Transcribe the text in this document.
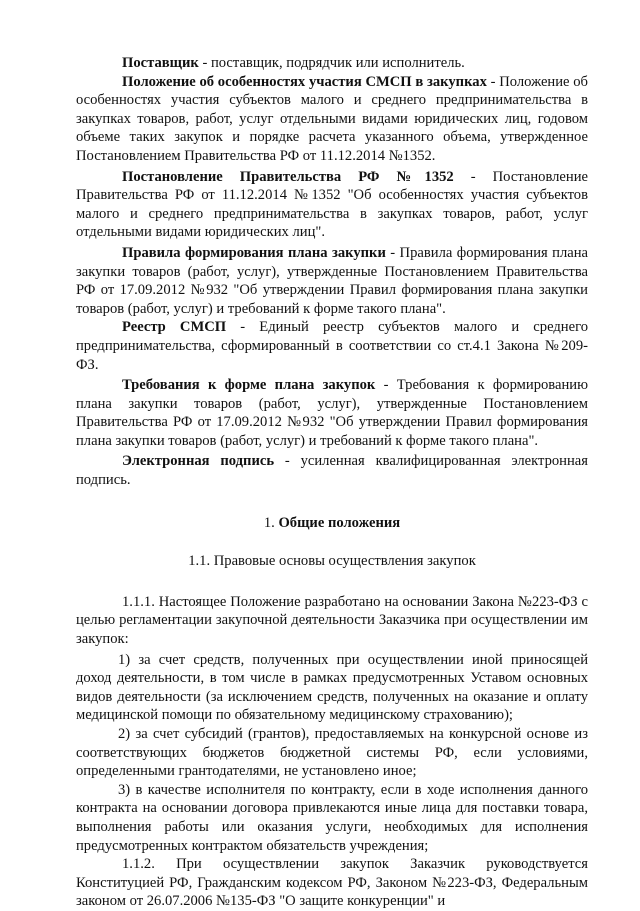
Поставщик - поставщик, подрядчик или исполнитель.

Положение об особенностях участия СМСП в закупках - Положение об особенностях участия субъектов малого и среднего предпринимательства в закупках товаров, работ, услуг отдельными видами юридических лиц, годовом объеме таких закупок и порядке расчета указанного объема, утвержденное Постановлением Правительства РФ от 11.12.2014 №1352.

Постановление Правительства РФ №1352 - Постановление Правительства РФ от 11.12.2014 №1352 "Об особенностях участия субъектов малого и среднего предпринимательства в закупках товаров, работ, услуг отдельными видами юридических лиц".

Правила формирования плана закупки - Правила формирования плана закупки товаров (работ, услуг), утвержденные Постановлением Правительства РФ от 17.09.2012 №932 "Об утверждении Правил формирования плана закупки товаров (работ, услуг) и требований к форме такого плана".

Реестр СМСП - Единый реестр субъектов малого и среднего предпринимательства, сформированный в соответствии со ст.4.1 Закона №209-ФЗ.

Требования к форме плана закупок - Требования к формированию плана закупки товаров (работ, услуг), утвержденные Постановлением Правительства РФ от 17.09.2012 №932 "Об утверждении Правил формирования плана закупки товаров (работ, услуг) и требований к форме такого плана".

Электронная подпись - усиленная квалифицированная электронная подпись.

1. Общие положения

1.1. Правовые основы осуществления закупок

1.1.1. Настоящее Положение разработано на основании Закона №223-ФЗ с целью регламентации закупочной деятельности Заказчика при осуществлении им закупок:

1) за счет средств, полученных при осуществлении иной приносящей доход деятельности, в том числе в рамках предусмотренных Уставом основных видов деятельности (за исключением средств, полученных на оказание и оплату медицинской помощи по обязательному медицинскому страхованию);

2) за счет субсидий (грантов), предоставляемых на конкурсной основе из соответствующих бюджетов бюджетной системы РФ, если условиями, определенными грантодателями, не установлено иное;

3) в качестве исполнителя по контракту, если в ходе исполнения данного контракта на основании договора привлекаются иные лица для поставки товара, выполнения работы или оказания услуги, необходимых для исполнения предусмотренных контрактом обязательств учреждения;

1.1.2. При осуществлении закупок Заказчик руководствуется Конституцией РФ, Гражданским кодексом РФ, Законом №223-ФЗ, Федеральным законом от 26.07.2006 №135-ФЗ "О защите конкуренции" и
